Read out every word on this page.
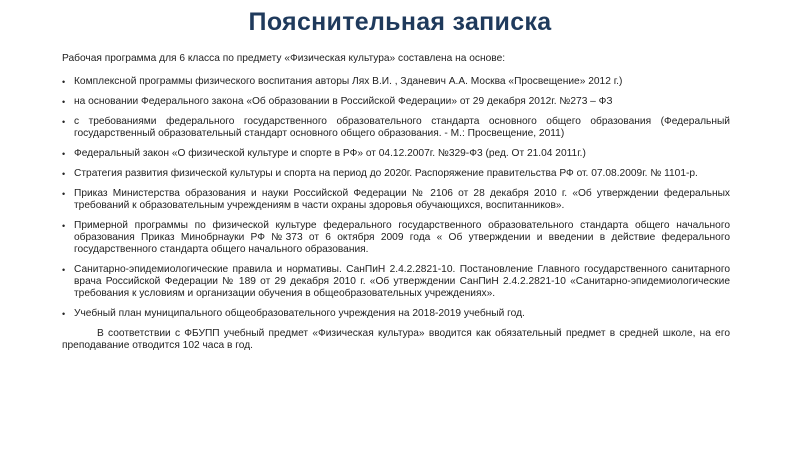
Пояснительная записка

Рабочая программа для 6 класса по предмету «Физическая культура» составлена на основе:

• Комплексной программы физического воспитания авторы Лях В.И. , Зданевич А.А. Москва «Просвещение» 2012 г.)
• на основании Федерального закона «Об образовании в Российской Федерации» от 29 декабря 2012г. №273 – ФЗ
• с требованиями федерального государственного образовательного стандарта основного общего образования (Федеральный государственный образовательный стандарт основного общего образования. - М.: Просвещение, 2011)
• Федеральный закон «О физической культуре и спорте в РФ» от 04.12.2007г. №329-Ф3 (ред. От 21.04 2011г.)
• Стратегия развития физической культуры и спорта на период до 2020г. Распоряжение правительства РФ от. 07.08.2009г. № 1101-р.
• Приказ Министерства образования и науки Российской Федерации № 2106 от 28 декабря 2010 г. «Об утверждении федеральных требований к образовательным учреждениям в части охраны здоровья обучающихся, воспитанников».
• Примерной программы по физической культуре федерального государственного образовательного стандарта общего начального образования Приказ Минобрнауки РФ №373 от 6 октября 2009 года « Об утверждении и введении в действие федерального государственного стандарта общего начального образования.
• Санитарно-эпидемиологические правила и нормативы. СанПиН 2.4.2.2821-10. Постановление Главного государственного санитарного врача Российской Федерации № 189 от 29 декабря 2010 г. «Об утверждении СанПиН 2.4.2.2821-10 «Санитарно-эпидемиологические требования к условиям и организации обучения в общеобразовательных учреждениях».
• Учебный план муниципального общеобразовательного учреждения на 2018-2019 учебный год.

В соответствии с ФБУПП учебный предмет «Физическая культура» вводится как обязательный предмет в средней школе, на его преподавание отводится 102 часа в год.
